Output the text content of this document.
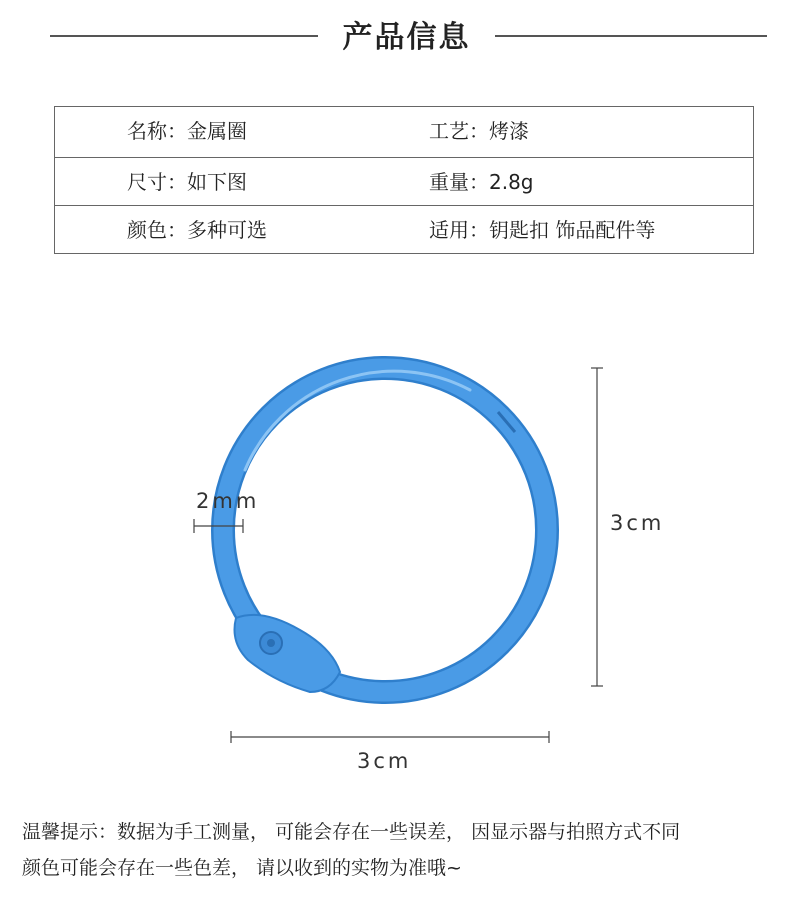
产品信息
名称：金属圈	工艺：烤漆
尺寸：如下图	重量：2.8g
颜色：多种可选	适用：钥匙扣 饰品配件等
2mm
3cm
3cm
温馨提示：数据为手工测量， 可能会存在一些误差， 因显示器与拍照方式不同
颜色可能会存在一些色差， 请以收到的实物为准哦~
